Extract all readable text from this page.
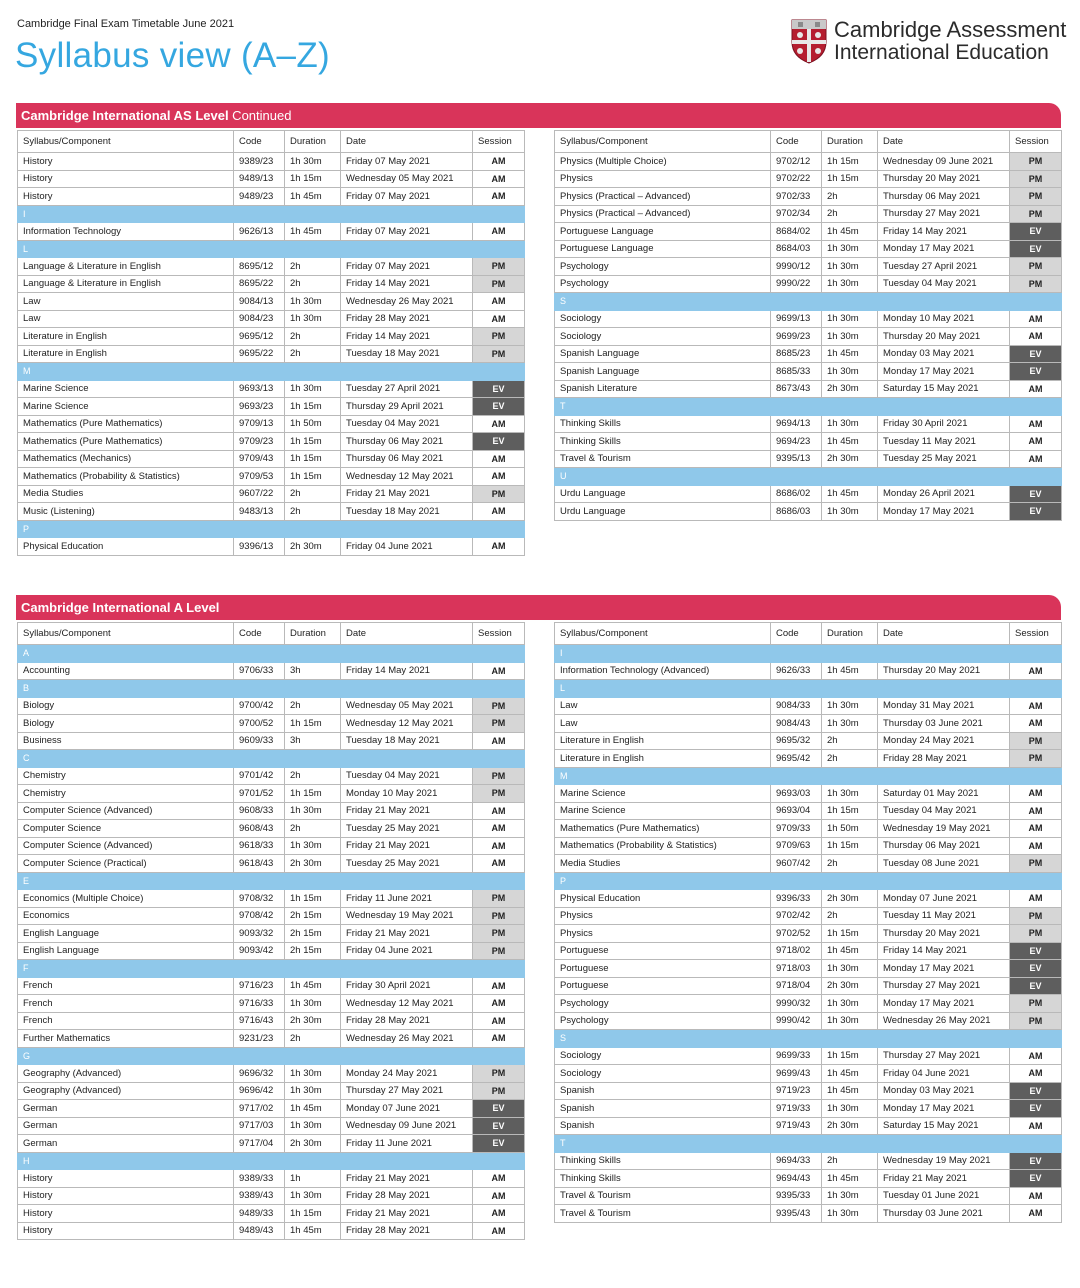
Cambridge Final Exam Timetable June 2021
Syllabus view (A–Z)
Cambridge Assessment
International Education
Cambridge International AS Level Continued
Syllabus/Component	Code	Duration	Date	Session
History	9389/23	1h 30m	Friday 07 May 2021	AM
History	9489/13	1h 15m	Wednesday 05 May 2021	AM
History	9489/23	1h 45m	Friday 07 May 2021	AM
I				
Information Technology	9626/13	1h 45m	Friday 07 May 2021	AM
L				
Language & Literature in English	8695/12	2h	Friday 07 May 2021	PM
Language & Literature in English	8695/22	2h	Friday 14 May 2021	PM
Law	9084/13	1h 30m	Wednesday 26 May 2021	AM
Law	9084/23	1h 30m	Friday 28 May 2021	AM
Literature in English	9695/12	2h	Friday 14 May 2021	PM
Literature in English	9695/22	2h	Tuesday 18 May 2021	PM
M				
Marine Science	9693/13	1h 30m	Tuesday 27 April 2021	EV
Marine Science	9693/23	1h 15m	Thursday 29 April 2021	EV
Mathematics (Pure Mathematics)	9709/13	1h 50m	Tuesday 04 May 2021	AM
Mathematics (Pure Mathematics)	9709/23	1h 15m	Thursday 06 May 2021	EV
Mathematics (Mechanics)	9709/43	1h 15m	Thursday 06 May 2021	AM
Mathematics (Probability & Statistics)	9709/53	1h 15m	Wednesday 12 May 2021	AM
Media Studies	9607/22	2h	Friday 21 May 2021	PM
Music (Listening)	9483/13	2h	Tuesday 18 May 2021	AM
P				
Physical Education	9396/13	2h 30m	Friday 04 June 2021	AM
Syllabus/Component	Code	Duration	Date	Session
Physics (Multiple Choice)	9702/12	1h 15m	Wednesday 09 June 2021	PM
Physics	9702/22	1h 15m	Thursday 20 May 2021	PM
Physics (Practical – Advanced)	9702/33	2h	Thursday 06 May 2021	PM
Physics (Practical – Advanced)	9702/34	2h	Thursday 27 May 2021	PM
Portuguese Language	8684/02	1h 45m	Friday 14 May 2021	EV
Portuguese Language	8684/03	1h 30m	Monday 17 May 2021	EV
Psychology	9990/12	1h 30m	Tuesday 27 April 2021	PM
Psychology	9990/22	1h 30m	Tuesday 04 May 2021	PM
S				
Sociology	9699/13	1h 30m	Monday 10 May 2021	AM
Sociology	9699/23	1h 30m	Thursday 20 May 2021	AM
Spanish Language	8685/23	1h 45m	Monday 03 May 2021	EV
Spanish Language	8685/33	1h 30m	Monday 17 May 2021	EV
Spanish Literature	8673/43	2h 30m	Saturday 15 May 2021	AM
T				
Thinking Skills	9694/13	1h 30m	Friday 30 April 2021	AM
Thinking Skills	9694/23	1h 45m	Tuesday 11 May 2021	AM
Travel & Tourism	9395/13	2h 30m	Tuesday 25 May 2021	AM
U				
Urdu Language	8686/02	1h 45m	Monday 26 April 2021	EV
Urdu Language	8686/03	1h 30m	Monday 17 May 2021	EV
Cambridge International A Level
Syllabus/Component	Code	Duration	Date	Session
A				
Accounting	9706/33	3h	Friday 14 May 2021	AM
B				
Biology	9700/42	2h	Wednesday 05 May 2021	PM
Biology	9700/52	1h 15m	Wednesday 12 May 2021	PM
Business	9609/33	3h	Tuesday 18 May 2021	AM
C				
Chemistry	9701/42	2h	Tuesday 04 May 2021	PM
Chemistry	9701/52	1h 15m	Monday 10 May 2021	PM
Computer Science (Advanced)	9608/33	1h 30m	Friday 21 May 2021	AM
Computer Science	9608/43	2h	Tuesday 25 May 2021	AM
Computer Science (Advanced)	9618/33	1h 30m	Friday 21 May 2021	AM
Computer Science (Practical)	9618/43	2h 30m	Tuesday 25 May 2021	AM
E				
Economics (Multiple Choice)	9708/32	1h 15m	Friday 11 June 2021	PM
Economics	9708/42	2h 15m	Wednesday 19 May 2021	PM
English Language	9093/32	2h 15m	Friday 21 May 2021	PM
English Language	9093/42	2h 15m	Friday 04 June 2021	PM
F				
French	9716/23	1h 45m	Friday 30 April 2021	AM
French	9716/33	1h 30m	Wednesday 12 May 2021	AM
French	9716/43	2h 30m	Friday 28 May 2021	AM
Further Mathematics	9231/23	2h	Wednesday 26 May 2021	AM
G				
Geography (Advanced)	9696/32	1h 30m	Monday 24 May 2021	PM
Geography (Advanced)	9696/42	1h 30m	Thursday 27 May 2021	PM
German	9717/02	1h 45m	Monday 07 June 2021	EV
German	9717/03	1h 30m	Wednesday 09 June 2021	EV
German	9717/04	2h 30m	Friday 11 June 2021	EV
H				
History	9389/33	1h	Friday 21 May 2021	AM
History	9389/43	1h 30m	Friday 28 May 2021	AM
History	9489/33	1h 15m	Friday 21 May 2021	AM
History	9489/43	1h 45m	Friday 28 May 2021	AM
Syllabus/Component	Code	Duration	Date	Session
I				
Information Technology (Advanced)	9626/33	1h 45m	Thursday 20 May 2021	AM
L				
Law	9084/33	1h 30m	Monday 31 May 2021	AM
Law	9084/43	1h 30m	Thursday 03 June 2021	AM
Literature in English	9695/32	2h	Monday 24 May 2021	PM
Literature in English	9695/42	2h	Friday 28 May 2021	PM
M				
Marine Science	9693/03	1h 30m	Saturday 01 May 2021	AM
Marine Science	9693/04	1h 15m	Tuesday 04 May 2021	AM
Mathematics (Pure Mathematics)	9709/33	1h 50m	Wednesday 19 May 2021	AM
Mathematics (Probability & Statistics)	9709/63	1h 15m	Thursday 06 May 2021	AM
Media Studies	9607/42	2h	Tuesday 08 June 2021	PM
P				
Physical Education	9396/33	2h 30m	Monday 07 June 2021	AM
Physics	9702/42	2h	Tuesday 11 May 2021	PM
Physics	9702/52	1h 15m	Thursday 20 May 2021	PM
Portuguese	9718/02	1h 45m	Friday 14 May 2021	EV
Portuguese	9718/03	1h 30m	Monday 17 May 2021	EV
Portuguese	9718/04	2h 30m	Thursday 27 May 2021	EV
Psychology	9990/32	1h 30m	Monday 17 May 2021	PM
Psychology	9990/42	1h 30m	Wednesday 26 May 2021	PM
S				
Sociology	9699/33	1h 15m	Thursday 27 May 2021	AM
Sociology	9699/43	1h 45m	Friday 04 June 2021	AM
Spanish	9719/23	1h 45m	Monday 03 May 2021	EV
Spanish	9719/33	1h 30m	Monday 17 May 2021	EV
Spanish	9719/43	2h 30m	Saturday 15 May 2021	AM
T				
Thinking Skills	9694/33	2h	Wednesday 19 May 2021	EV
Thinking Skills	9694/43	1h 45m	Friday 21 May 2021	EV
Travel & Tourism	9395/33	1h 30m	Tuesday 01 June 2021	AM
Travel & Tourism	9395/43	1h 30m	Thursday 03 June 2021	AM
